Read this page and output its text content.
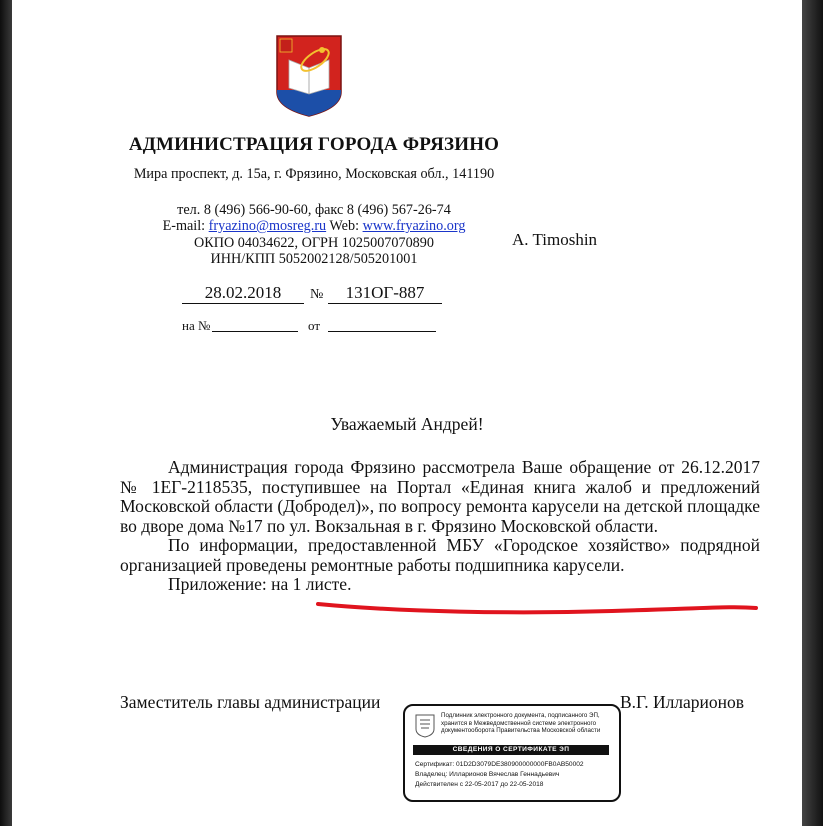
АДМИНИСТРАЦИЯ ГОРОДА ФРЯЗИНО
Мира проспект, д. 15а, г. Фрязино, Московская обл., 141190
тел. 8 (496) 566-90-60, факс 8 (496) 567-26-74
E-mail: fryazino@mosreg.ru Web: www.fryazino.org
ОКПО 04034622, ОГРН 1025007070890
ИНН/КПП 5052002128/505201001
A. Timoshin
28.02.2018	№	131ОГ-887
на №	от
Уважаемый Андрей!

Администрация города Фрязино рассмотрела Ваше обращение от 26.12.2017 № 1ЕГ-2118535, поступившее на Портал «Единая книга жалоб и предложений Московской области (Добродел)», по вопросу ремонта карусели на детской площадке во дворе дома №17 по ул. Вокзальная в г. Фрязино Московской области.

По информации, предоставленной МБУ «Городское хозяйство» подрядной организацией проведены ремонтные работы подшипника карусели.

Приложение: на 1 листе.

Заместитель главы администрации	В.Г. Илларионов
Подлинник электронного документа, подписанного ЭП, хранится в Межведомственной системе электронного документооборота Правительства Московской области
СВЕДЕНИЯ О СЕРТИФИКАТЕ ЭП
Сертификат: 01D2D3079DE380900000000FB0AB50002
Владелец: Илларионов Вячеслав Геннадьевич
Действителен с 22-05-2017 до 22-05-2018
